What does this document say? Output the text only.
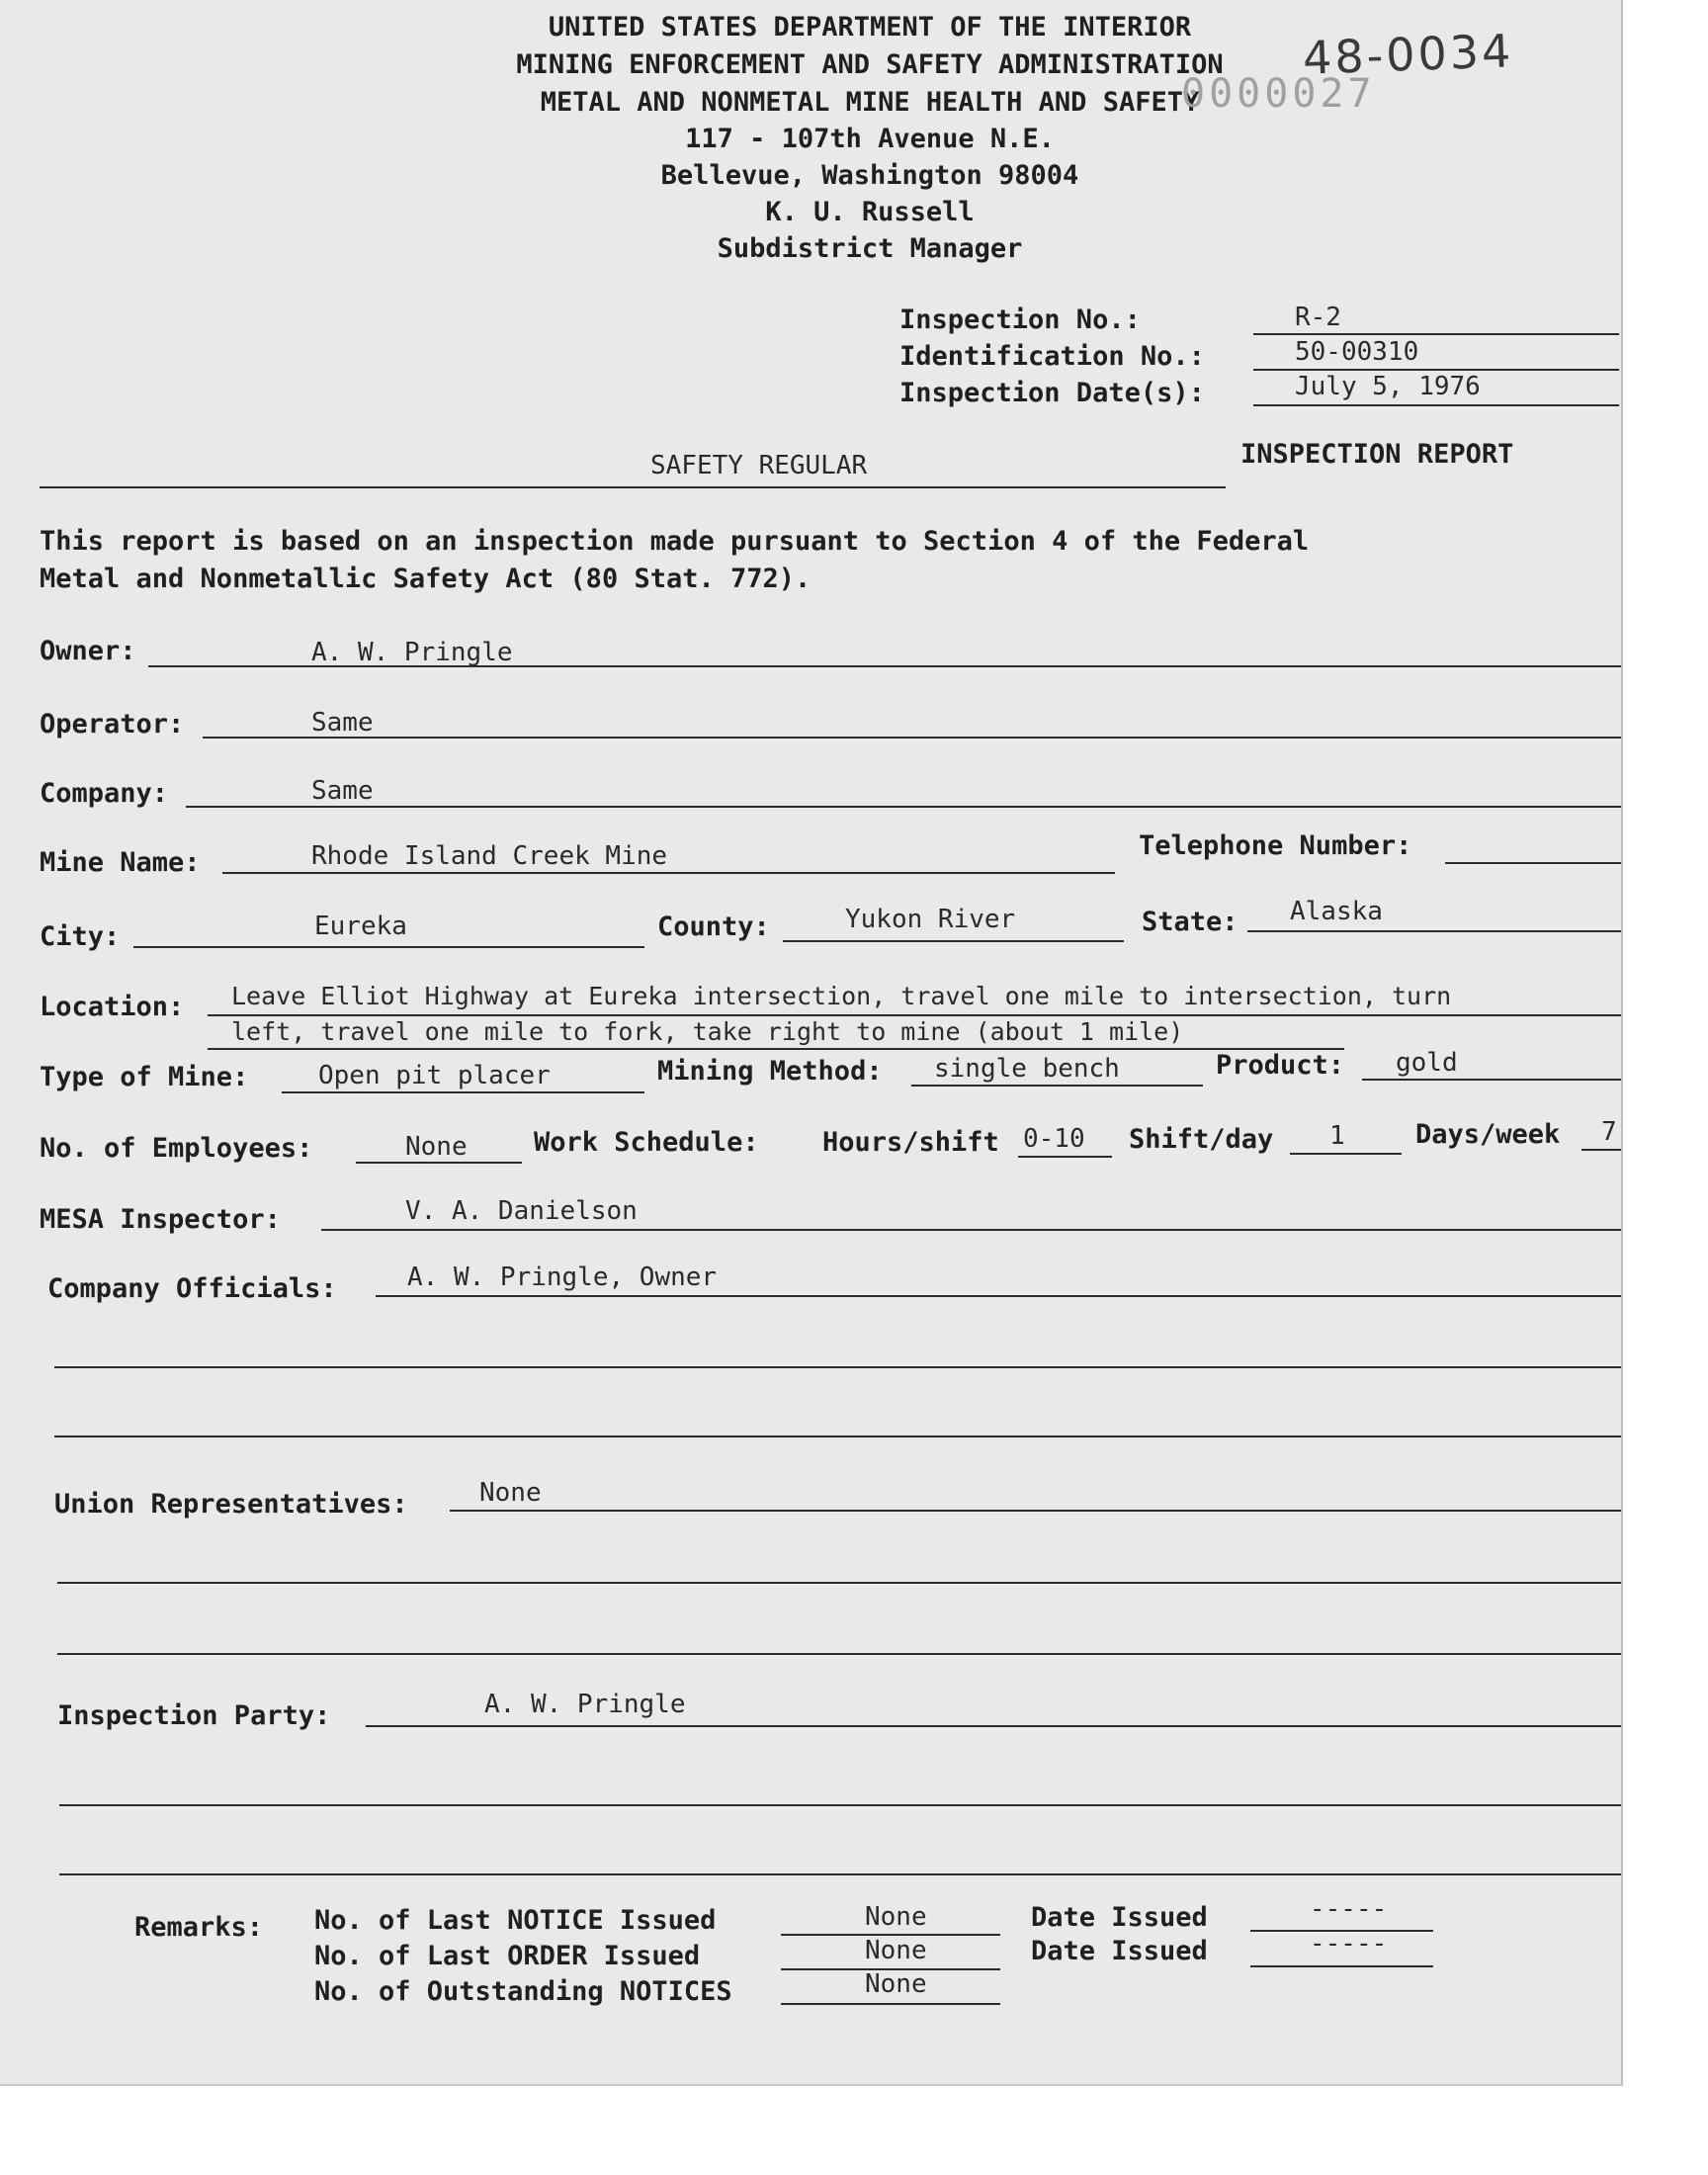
UNITED STATES DEPARTMENT OF THE INTERIOR
MINING ENFORCEMENT AND SAFETY ADMINISTRATION
METAL AND NONMETAL MINE HEALTH AND SAFETY
117 - 107th Avenue N.E.
Bellevue, Washington 98004
K. U. Russell
Subdistrict Manager
48-0034
0000027
Inspection No.:	R-2
Identification No.:	50-00310
Inspection Date(s):	July 5, 1976
SAFETY REGULAR	INSPECTION REPORT
This report is based on an inspection made pursuant to Section 4 of the Federal
Metal and Nonmetallic Safety Act (80 Stat. 772).
Owner:	A. W. Pringle
Operator:	Same
Company:	Same
Mine Name:	Rhode Island Creek Mine	Telephone Number:
City:	Eureka	County:	Yukon River	State: Alaska
Location: Leave Elliot Highway at Eureka intersection, travel one mile to intersection, turn
left, travel one mile to fork, take right to mine (about 1 mile)
Type of Mine:	Open pit placer	Mining Method: single bench	Product: gold
No. of Employees:	None Work Schedule: Hours/shift 0-10 Shift/day 1	Days/week 7
MESA Inspector:	V. A. Danielson
Company Officials:	A. W. Pringle, Owner
Union Representatives:	None
Inspection Party:	A. W. Pringle
Remarks: No. of Last NOTICE Issued	None	Date Issued	-----
No. of Last ORDER Issued	None	Date Issued	-----
No. of Outstanding NOTICES	None
